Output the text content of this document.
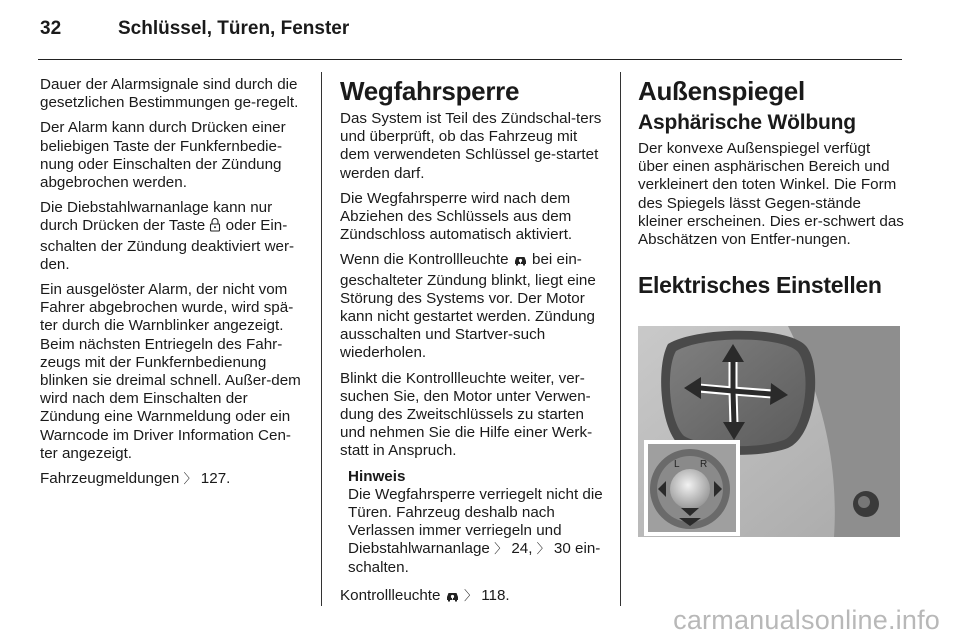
32	Schlüssel, Türen, Fenster

Dauer der Alarmsignale sind durch die gesetzlichen Bestimmungen ge-regelt.

Der Alarm kann durch Drücken einer beliebigen Taste der Funkfernbedie-nung oder Einschalten der Zündung abgebrochen werden.

Die Diebstahlwarnanlage kann nur durch Drücken der Taste  oder Ein-schalten der Zündung deaktiviert wer-den.

Ein ausgelöster Alarm, der nicht vom Fahrer abgebrochen wurde, wird spä-ter durch die Warnblinker angezeigt. Beim nächsten Entriegeln des Fahr-zeugs mit der Funkfernbedienung blinken sie dreimal schnell. Außer-dem wird nach dem Einschalten der Zündung eine Warnmeldung oder ein Warncode im Driver Information Cen-ter angezeigt.

Fahrzeugmeldungen 〉 127.

Wegfahrsperre

Das System ist Teil des Zündschal-ters und überprüft, ob das Fahrzeug mit dem verwendeten Schlüssel ge-startet werden darf.

Die Wegfahrsperre wird nach dem Abziehen des Schlüssels aus dem Zündschloss automatisch aktiviert.

Wenn die Kontrollleuchte  bei ein-geschalteter Zündung blinkt, liegt eine Störung des Systems vor. Der Motor kann nicht gestartet werden. Zündung ausschalten und Startver-such wiederholen.

Blinkt die Kontrollleuchte weiter, ver-suchen Sie, den Motor unter Verwen-dung des Zweitschlüssels zu starten und nehmen Sie die Hilfe einer Werk-statt in Anspruch.

Hinweis
Die Wegfahrsperre verriegelt nicht die Türen. Fahrzeug deshalb nach Verlassen immer verriegeln und Diebstahlwarnanlage 〉 24, 〉 30 ein-schalten.

Kontrollleuchte  〉 118.

Außenspiegel
Asphärische Wölbung

Der konvexe Außenspiegel verfügt über einen asphärischen Bereich und verkleinert den toten Winkel. Die Form des Spiegels lässt Gegen-stände kleiner erscheinen. Dies er-schwert das Abschätzen von Entfer-nungen.

Elektrisches Einstellen
L R
carmanualsonline.info
